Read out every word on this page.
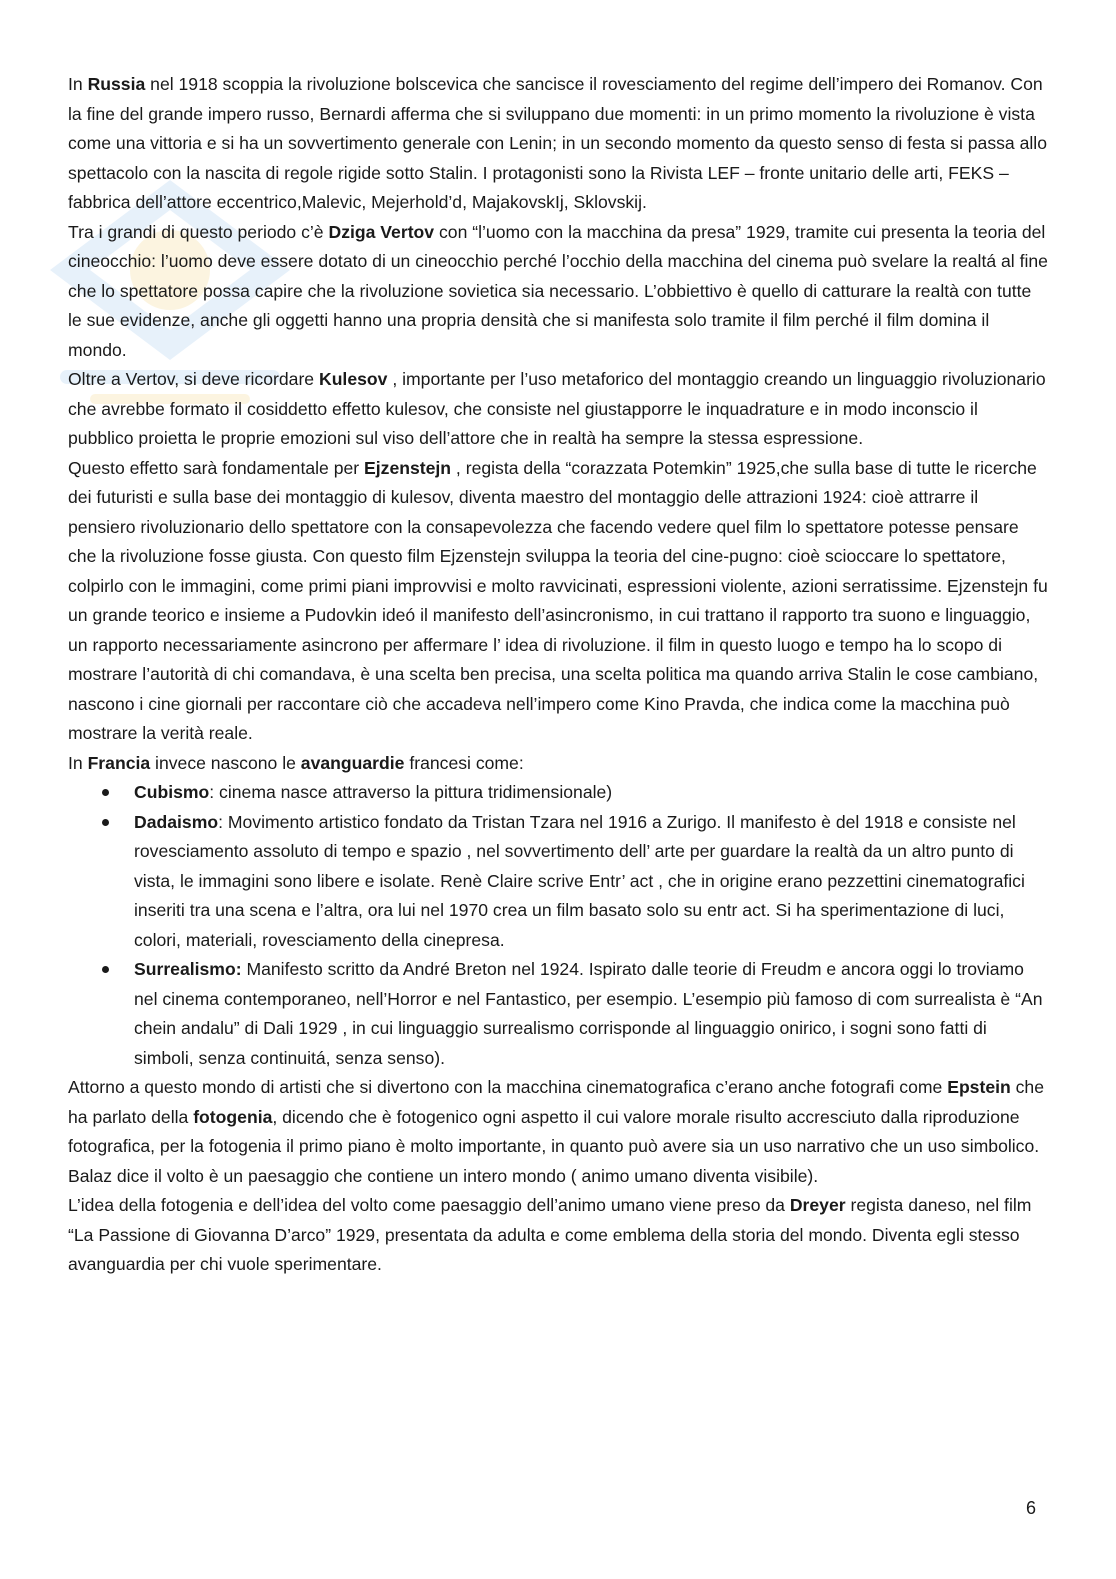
In Russia nel 1918 scoppia la rivoluzione bolscevica che sancisce il rovesciamento del regime dell’impero dei Romanov. Con la fine del grande impero russo, Bernardi afferma che si sviluppano due momenti: in un primo momento la rivoluzione è vista come una vittoria e si ha un sovvertimento generale con Lenin; in un secondo momento da questo senso di festa si passa allo spettacolo con la nascita di regole rigide sotto Stalin. I protagonisti sono la Rivista LEF – fronte unitario delle arti, FEKS – fabbrica dell’attore eccentrico,Malevic, Mejerhold’d, MajakovskIj, Sklovskij.

Tra i grandi di questo periodo c’è Dziga Vertov con “l’uomo con la macchina da presa” 1929, tramite cui presenta la teoria del cineocchio: l’uomo deve essere dotato di un cineocchio perché l’occhio della macchina del cinema può svelare la realtá al fine che lo spettatore possa capire che la rivoluzione sovietica sia necessario. L’obbiettivo è quello di catturare la realtà con tutte le sue evidenze, anche gli oggetti hanno una propria densità che si manifesta solo tramite il film perché il film domina il mondo.

Oltre a Vertov, si deve ricordare Kulesov , importante per l’uso metaforico del montaggio creando un linguaggio rivoluzionario che avrebbe formato il cosiddetto effetto kulesov, che consiste nel giustapporre le inquadrature e in modo inconscio il pubblico proietta le proprie emozioni sul viso dell’attore che in realtà ha sempre la stessa espressione.

Questo effetto sarà fondamentale per Ejzenstejn , regista della “corazzata Potemkin” 1925,che sulla base di tutte le ricerche dei futuristi e sulla base dei montaggio di kulesov, diventa maestro del montaggio delle attrazioni 1924: cioè attrarre il pensiero rivoluzionario dello spettatore con la consapevolezza che facendo vedere quel film lo spettatore potesse pensare che la rivoluzione fosse giusta. Con questo film Ejzenstejn sviluppa la teoria del cine-pugno: cioè scioccare lo spettatore, colpirlo con le immagini, come primi piani improvvisi e molto ravvicinati, espressioni violente, azioni serratissime. Ejzenstejn fu un grande teorico e insieme a Pudovkin ideó il manifesto dell’asincronismo, in cui trattano il rapporto tra suono e linguaggio, un rapporto necessariamente asincrono per affermare l’ idea di rivoluzione. il film in questo luogo e tempo ha lo scopo di mostrare l’autorità di chi comandava, è una scelta ben precisa, una scelta politica ma quando arriva Stalin le cose cambiano, nascono i cine giornali per raccontare ciò che accadeva nell’impero come Kino Pravda, che indica come la macchina può mostrare la verità reale.

In Francia invece nascono le avanguardie francesi come:

Cubismo: cinema nasce attraverso la pittura tridimensionale)
Dadaismo: Movimento artistico fondato da Tristan Tzara nel 1916 a Zurigo. Il manifesto è del 1918 e consiste nel rovesciamento assoluto di tempo e spazio , nel sovvertimento dell’ arte per guardare la realtà da un altro punto di vista, le immagini sono libere e isolate. Renè Claire scrive Entr’ act , che in origine erano pezzettini cinematografici inseriti tra una scena e l’altra, ora lui nel 1970 crea un film basato solo su entr act. Si ha sperimentazione di luci, colori, materiali, rovesciamento della cinepresa.
Surrealismo: Manifesto scritto da André Breton nel 1924. Ispirato dalle teorie di Freudm e ancora oggi lo troviamo nel cinema contemporaneo, nell’Horror e nel Fantastico, per esempio. L’esempio più famoso di com surrealista è “An chein andalu” di Dali 1929 , in cui linguaggio surrealismo corrisponde al linguaggio onirico, i sogni sono fatti di simboli, senza continuitá, senza senso).

Attorno a questo mondo di artisti che si divertono con la macchina cinematografica c’erano anche fotografi come Epstein che ha parlato della fotogenia, dicendo che è fotogenico ogni aspetto il cui valore morale risulto accresciuto dalla riproduzione fotografica, per la fotogenia il primo piano è molto importante, in quanto può avere sia un uso narrativo che un uso simbolico. Balaz dice il volto è un paesaggio che contiene un intero mondo ( animo umano diventa visibile).

L’idea della fotogenia e dell’idea del volto come paesaggio dell’animo umano viene preso da Dreyer regista daneso, nel film “La Passione di Giovanna D’arco” 1929, presentata da adulta e come emblema della storia del mondo. Diventa egli stesso avanguardia per chi vuole sperimentare.

6
